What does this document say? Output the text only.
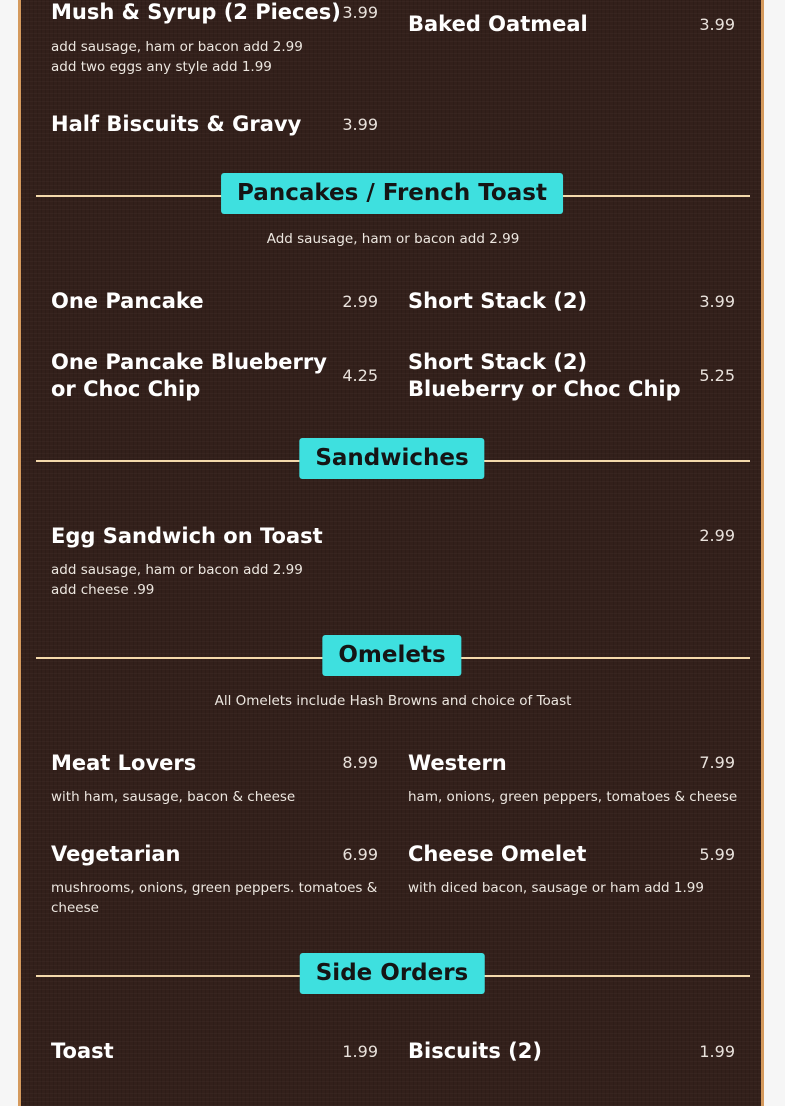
Mush & Syrup (2 Pieces) 3.99
add sausage, ham or bacon add 2.99
add two eggs any style add 1.99
Baked Oatmeal	3.99
Half Biscuits & Gravy	3.99
Pancakes / French Toast
Add sausage, ham or bacon add 2.99
One Pancake	2.99 Short Stack (2)	3.99
One Pancake Blueberry or Choc Chip
4.25
Short Stack (2) Blueberry or Choc Chip
5.25
Sandwiches
Egg Sandwich on Toast	2.99
add sausage, ham or bacon add 2.99
add cheese .99
Omelets
All Omelets include Hash Browns and choice of Toast
Meat Lovers	8.99
with ham, sausage, bacon & cheese
Western	7.99
ham, onions, green peppers, tomatoes & cheese
Vegetarian	6.99
mushrooms, onions, green peppers. tomatoes & cheese
Cheese Omelet	5.99
with diced bacon, sausage or ham add 1.99
Side Orders
Toast	1.99 Biscuits (2)	1.99
